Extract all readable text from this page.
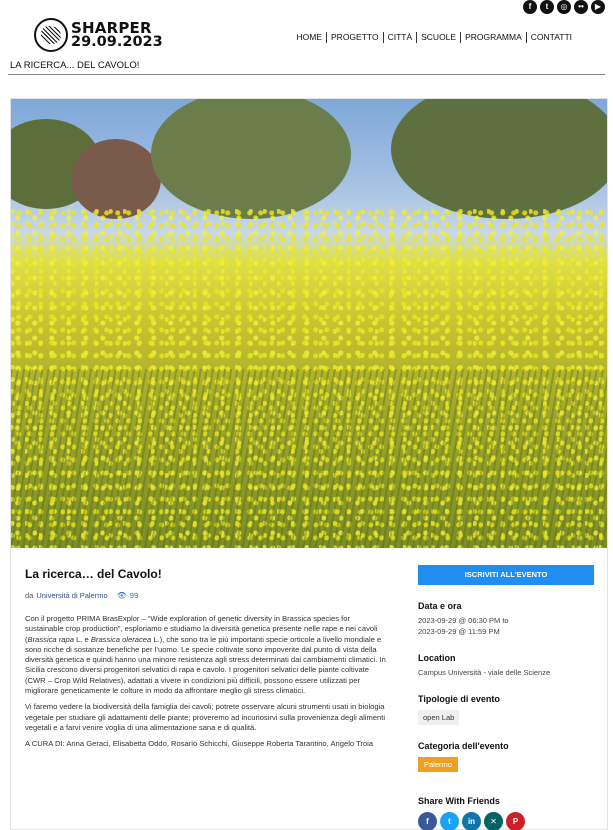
f	t	◎	••	▶
SHARPER
29.09.2023	HOME	PROGETTO	CITTÀ	SCUOLE	PROGRAMMA	CONTATTI
LA RICERCA... DEL CAVOLO!
La ricerca… del Cavolo!
da Università di Palermo 👁 99

Con il progetto PRIMA BrasExplor – “Wide exploration of genetic diversity in Brassica species for sustainable crop production”, esploriamo e studiamo la diversità genetica presente nelle rape e nei cavoli (Brassica rapa L. e Brassica oleracea L.), che sono tra le più importanti specie orticole a livello mondiale e sono ricche di sostanze benefiche per l’uomo. Le specie coltivate sono impoverite dal punto di vista della diversità genetica e quindi hanno una minore resistenza agli stress determinati dai cambiamenti climatici. In Sicilia crescono diversi progenitori selvatici di rapa e cavolo. I progenitori selvatici delle piante coltivate (CWR – Crop Wild Relatives), adattati a vivere in condizioni più difficili, possono essere utilizzati per migliorare geneticamente le colture in modo da affrontare meglio gli stress climatici.

Vi faremo vedere la biodiversità della famiglia dei cavoli; potrete osservare alcuni strumenti usati in biologia vegetale per studiare gli adattamenti delle piante; proveremo ad incuriosirvi sulla provenienza degli alimenti vegetali e a farvi venire voglia di una alimentazione sana e di qualità.

A CURA DI: Anna Geraci, Elisabetta Oddo, Rosario Schicchi, Giuseppe Roberta Tarantino, Angelo Troia

ISCRIVITI ALL'EVENTO
Data e ora
2023-09-29 @ 06:30 PM to
2023-09-29 @ 11:59 PM
Location
Campus Università - viale delle Scienze
Tipologie di evento
open Lab
Categoria dell'evento
Palermo
Share With Friends
f	t	in	✕	P
